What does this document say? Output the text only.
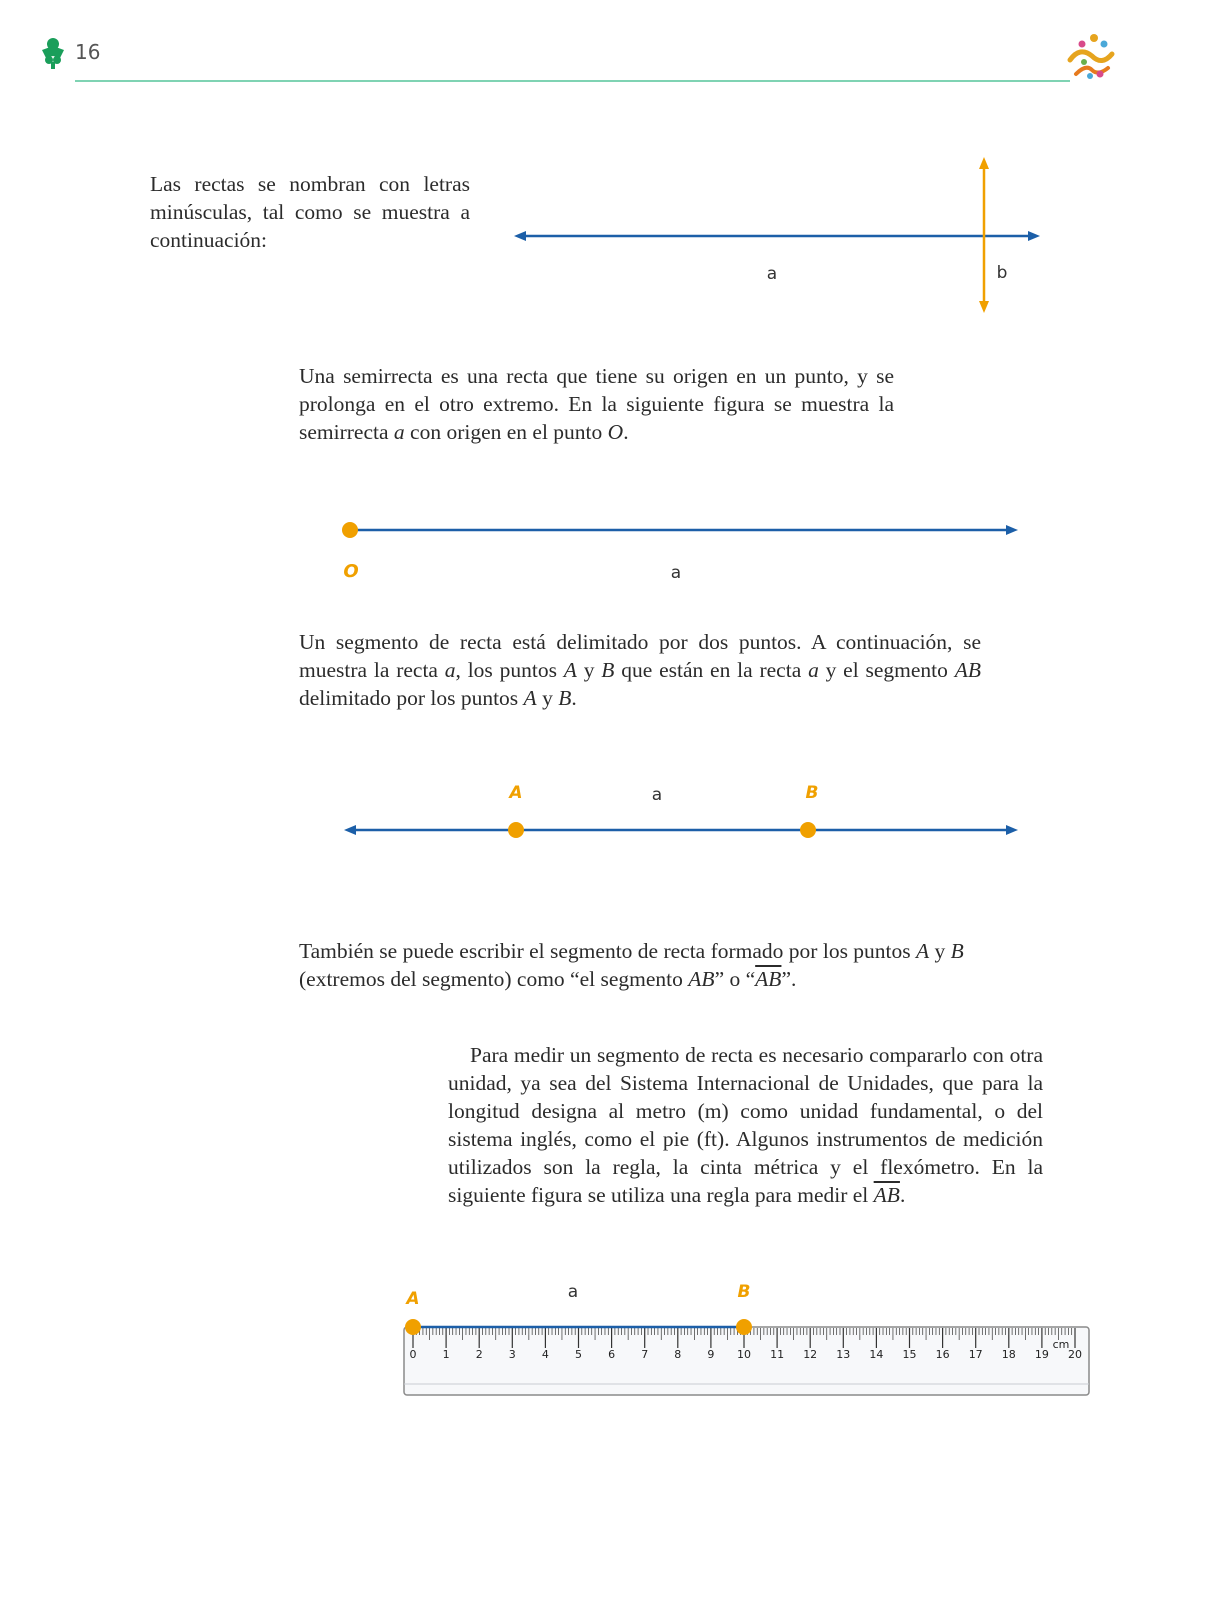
16
Las rectas se nombran con letras minúsculas, tal como se muestra a continuación:
a	b
Una semirrecta es una recta que tiene su origen en un punto, y se prolonga en el otro extremo. En la siguiente figura se muestra la semirrecta a con origen en el punto O.
O	a
Un segmento de recta está delimitado por dos puntos. A continuación, se muestra la recta a, los puntos A y B que están en la recta a y el segmento AB delimitado por los puntos A y B.
A	a	B
También se puede escribir el segmento de recta formado por los puntos A y B (extremos del segmento) como “el segmento AB” o “$\overline{AB}$”.
Para medir un segmento de recta es necesario compararlo con otra unidad, ya sea del Sistema Internacional de Unidades, que para la longitud designa al metro (m) como unidad fundamental, o del sistema inglés, como el pie (ft). Algunos instrumentos de medición utilizados son la regla, la cinta métrica y el flexómetro. En la siguiente figura se utiliza una regla para medir el $\overline{AB}$.
0 1 2 3 4 5 6 7 8 9 10 11 12 13 14 15 16 17 18 19 20
cm
A	a	B
